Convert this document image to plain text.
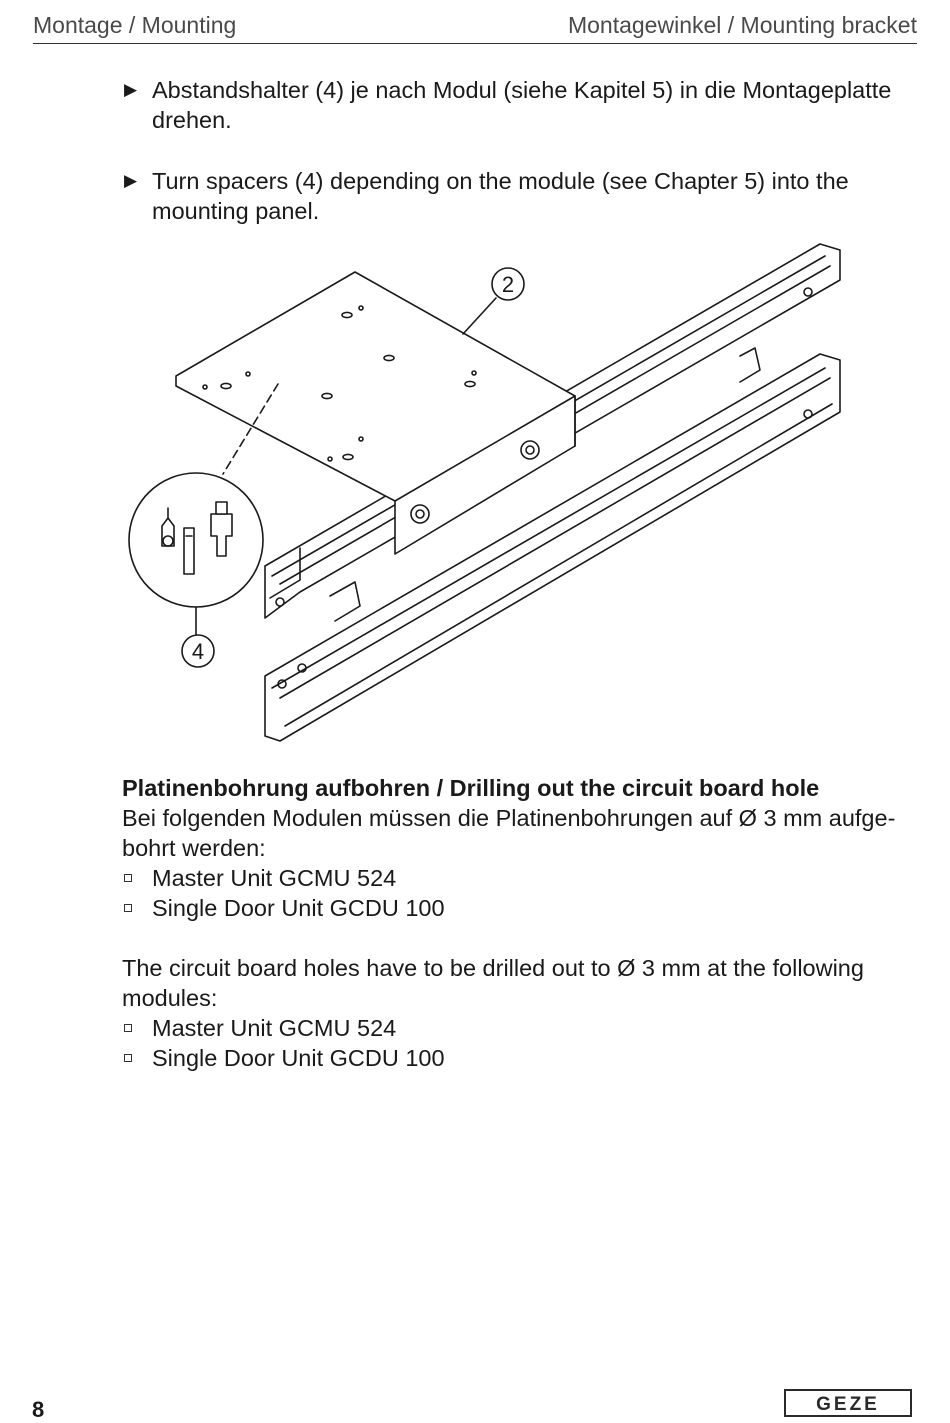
Montage / Mounting	Montagewinkel / Mounting bracket
▶ Abstandshalter (4) je nach Modul (siehe Kapitel 5) in die Montageplatte drehen.
▶ Turn spacers (4) depending on the module (see Chapter 5) into the mounting panel.
2
4
Platinenbohrung aufbohren / Drilling out the circuit board hole
Bei folgenden Modulen müssen die Platinenbohrungen auf Ø 3 mm aufge-bohrt werden:
Master Unit GCMU 524
Single Door Unit GCDU 100
The circuit board holes have to be drilled out to Ø 3 mm at the following modules:
Master Unit GCMU 524
Single Door Unit GCDU 100
8	GEZE
